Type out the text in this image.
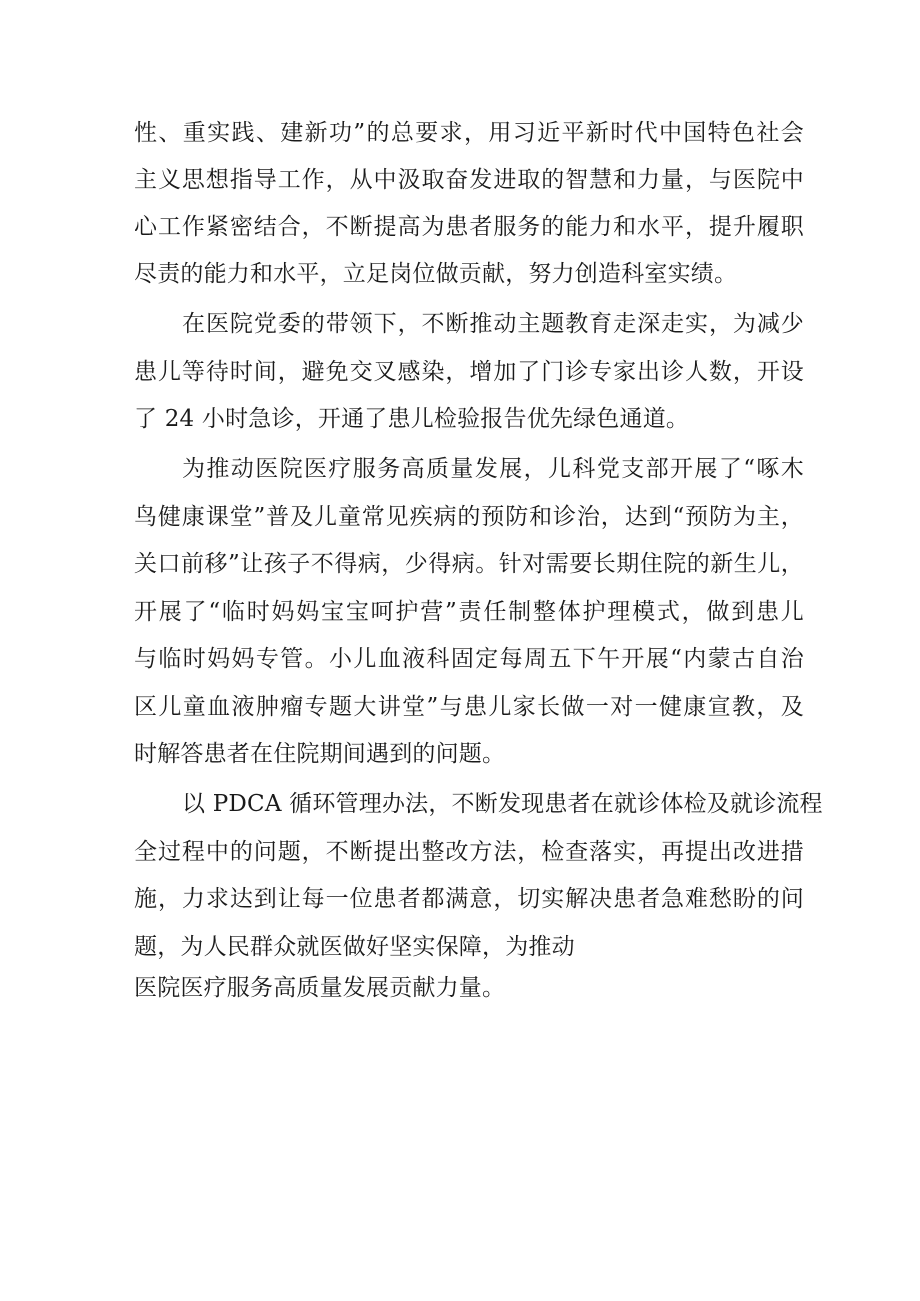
性、重实践、建新功”的总要求，用习近平新时代中国特色社会
主义思想指导工作，从中汲取奋发进取的智慧和力量，与医院中
心工作紧密结合，不断提高为患者服务的能力和水平，提升履职
尽责的能力和水平，立足岗位做贡献，努力创造科室实绩。
在医院党委的带领下，不断推动主题教育走深走实，为减少
患儿等待时间，避免交叉感染，增加了门诊专家出诊人数，开设
了 24 小时急诊，开通了患儿检验报告优先绿色通道。
为推动医院医疗服务高质量发展，儿科党支部开展了“啄木
鸟健康课堂”普及儿童常见疾病的预防和诊治，达到“预防为主，
关口前移”让孩子不得病，少得病。针对需要长期住院的新生儿，
开展了“临时妈妈宝宝呵护营”责任制整体护理模式，做到患儿
与临时妈妈专管。小儿血液科固定每周五下午开展“内蒙古自治
区儿童血液肿瘤专题大讲堂”与患儿家长做一对一健康宣教，及
时解答患者在住院期间遇到的问题。
以 PDCA 循环管理办法，不断发现患者在就诊体检及就诊流程
全过程中的问题，不断提出整改方法，检查落实，再提出改进措
施，力求达到让每一位患者都满意，切实解决患者急难愁盼的问
题，为人民群众就医做好坚实保障，为推动
医院医疗服务高质量发展贡献力量。
